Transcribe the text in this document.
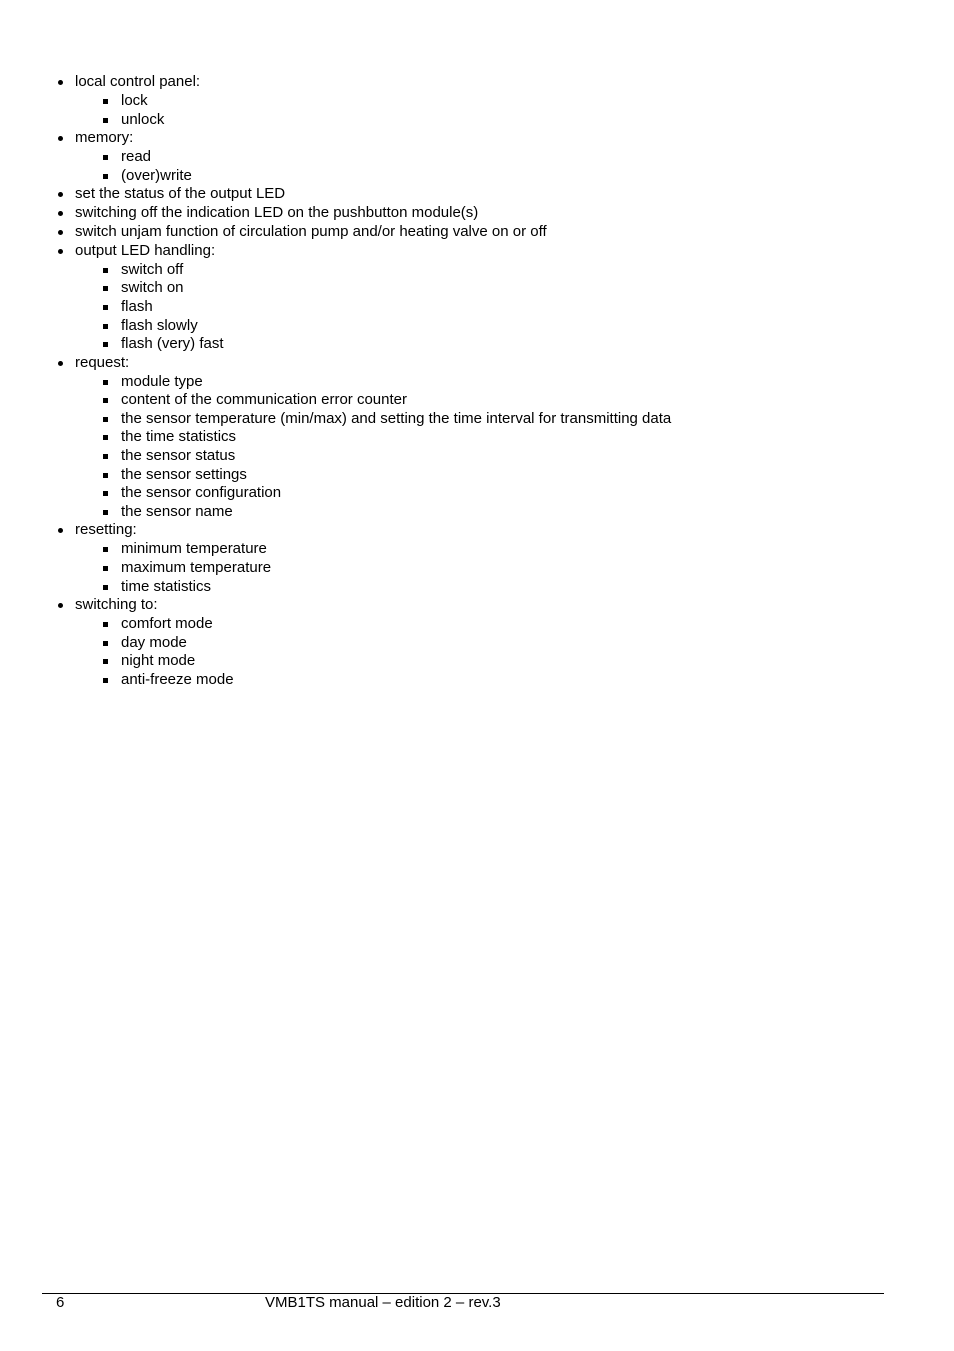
local control panel:
lock
unlock
memory:
read
(over)write
set the status of the output LED
switching off the indication LED on the pushbutton module(s)
switch unjam function of circulation pump and/or heating valve on or off
output LED handling:
switch off
switch on
flash
flash slowly
flash (very) fast
request:
module type
content of the communication error counter
the sensor temperature (min/max) and setting the time interval for transmitting data
the time statistics
the sensor status
the sensor settings
the sensor configuration
the sensor name
resetting:
minimum temperature
maximum temperature
time statistics
switching to:
comfort mode
day mode
night mode
anti-freeze mode
6	VMB1TS manual – edition 2 – rev.3
